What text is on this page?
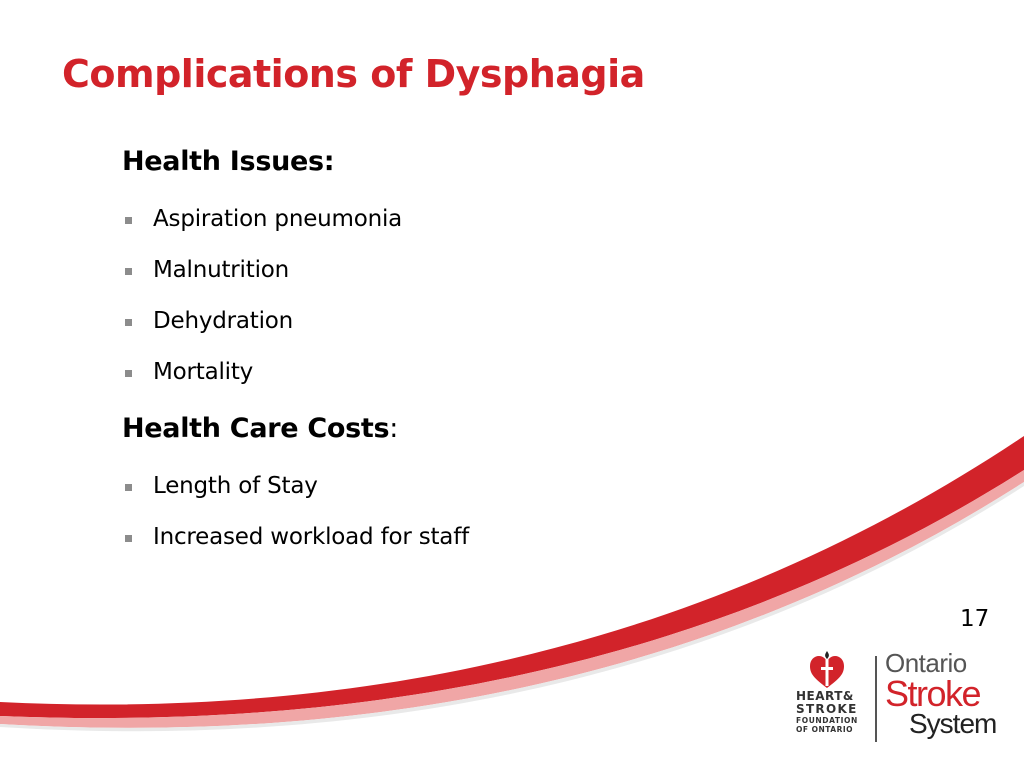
Complications of Dysphagia
Health Issues:
Aspiration pneumonia
Malnutrition
Dehydration
Mortality
Health Care Costs:
Length of Stay
Increased workload for staff
17
HEART&
STROKE
FOUNDATION
OF ONTARIO
Ontario
Stroke
System
